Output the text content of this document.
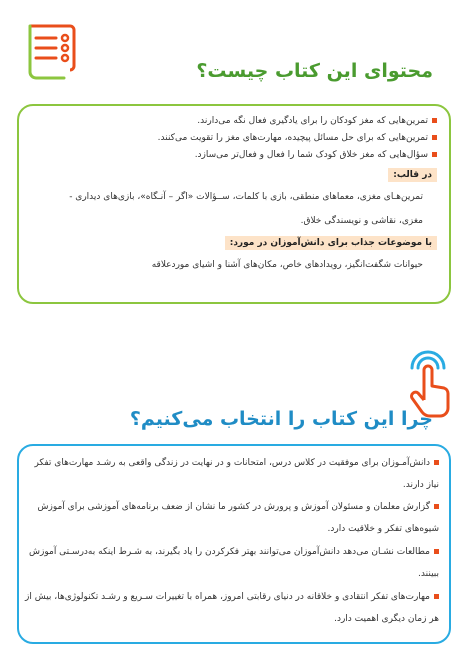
محتوای این کتاب چیست؟
تمرین‌هایی که مغز کودکان را برای یادگیری فعال نگه می‌دارند.
تمرین‌هایی که برای حل مسائل پیچیده، مهارت‌های مغز را تقویت می‌کنند.
سؤال‌هایی که مغز خلاق کودک شما را فعال و فعال‌تر می‌سازد.
در قالب:
تمرین‌هـای مغزی، معماهای منطقی، بازی با کلمات، ســؤالات «اگر – آنـگاه»، بازی‌های دیداری -
مغزی، نقاشی و نویسندگی خلاق.
با موضوعات جذاب برای دانش‌آموزان در مورد:
حیوانات شگفت‌انگیز، رویدادهای خاص، مکان‌های آشنا و اشیای موردعلاقه
چرا این کتاب را انتخاب می‌کنیم؟
دانش‌آمـوزان برای موفقیت در کلاس درس، امتحانات و در نهایت در زندگی واقعی به رشـد مهارت‌های تفکر نیاز دارند.
گزارش معلمان و مسئولان آموزش و پرورش در کشور ما نشان از ضعف برنامه‌های آموزشی برای آموزش شیوه‌های تفکر و خلاقیت دارد.
مطالعات نشـان می‌دهد دانش‌آموزان می‌توانند بهتر فکرکردن را یاد بگیرند، به شـرط اینکه به‌درسـتی آموزش ببینند.
مهارت‌های تفکر انتقادی و خلاقانه در دنیای رقابتی امروز، همراه با تغییرات سـریع و رشـد تکنولوژی‌ها، بیش از هر زمان دیگری اهمیت دارد.
